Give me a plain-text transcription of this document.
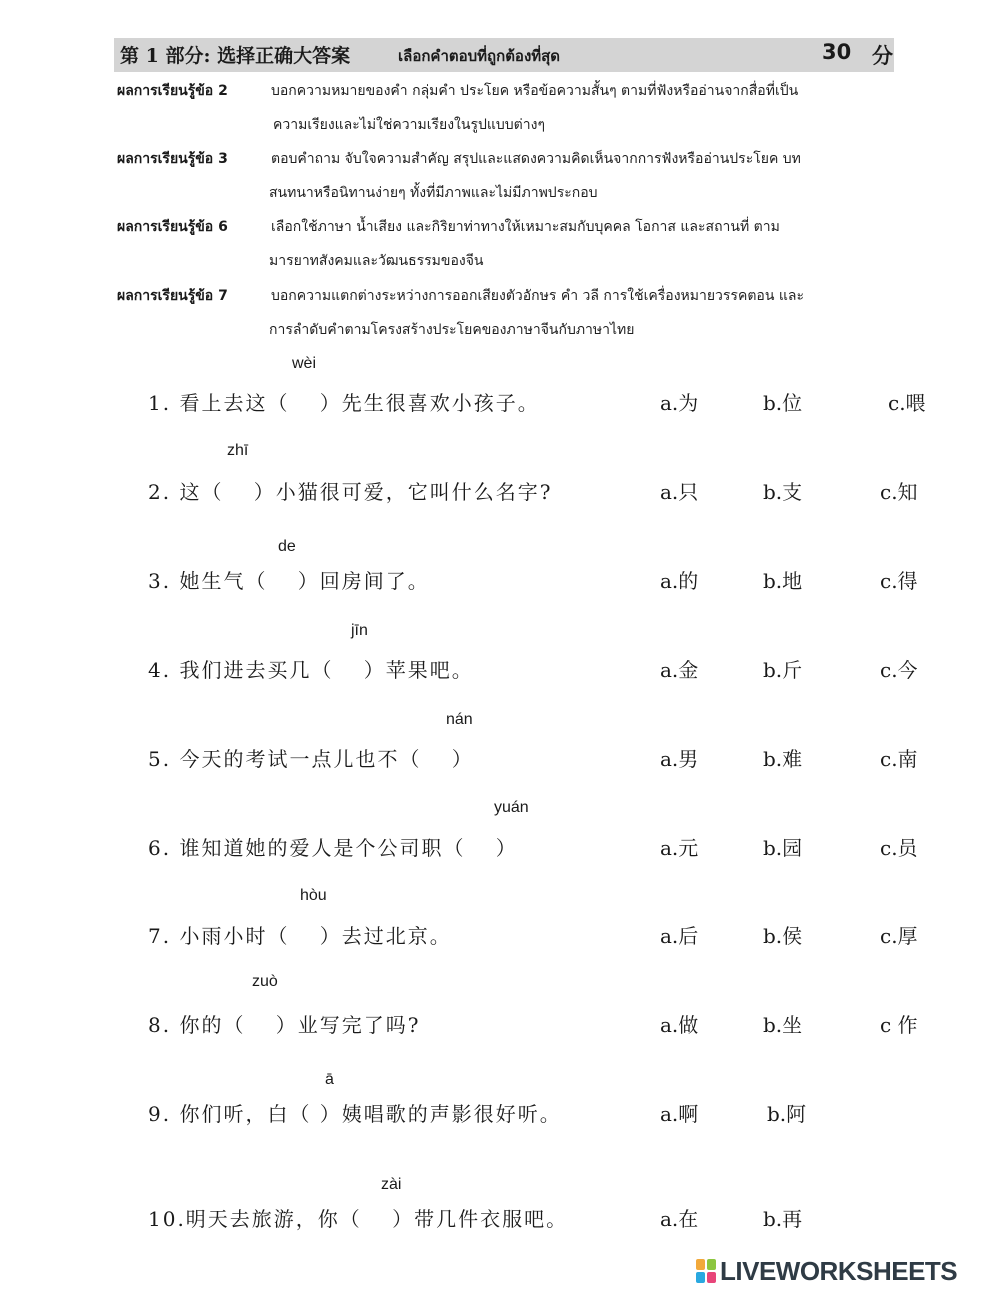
第 1 部分: 选择正确大答案	เลือกคำตอบที่ถูกต้องที่สุด	30 分
ผลการเรียนรู้ข้อ 2	บอกความหมายของคำ กลุ่มคำ ประโยค หรือข้อความสั้นๆ ตามที่ฟังหรืออ่านจากสื่อที่เป็น
ความเรียงและไม่ใช่ความเรียงในรูปแบบต่างๆ
ผลการเรียนรู้ข้อ 3	ตอบคำถาม จับใจความสำคัญ สรุปและแสดงความคิดเห็นจากการฟังหรืออ่านประโยค บท
สนทนาหรือนิทานง่ายๆ ทั้งที่มีภาพและไม่มีภาพประกอบ
ผลการเรียนรู้ข้อ 6	เลือกใช้ภาษา น้ำเสียง และกิริยาท่าทางให้เหมาะสมกับบุคคล โอกาส และสถานที่ ตาม
มารยาทสังคมและวัฒนธรรมของจีน
ผลการเรียนรู้ข้อ 7	บอกความแตกต่างระหว่างการออกเสียงตัวอักษร คำ วลี การใช้เครื่องหมายวรรคตอน และ
การลำดับคำตามโครงสร้างประโยคของภาษาจีนกับภาษาไทย
wèi
1. 看上去这（　 ）先生很喜欢小孩子。	a.为	b.位	c.喂
zhī
2. 这（　 ）小猫很可爱，它叫什么名字?	a.只	b.支	c.知
de
3. 她生气（　 ）回房间了。	a.的	b.地	c.得
jīn
4. 我们进去买几（　 ）苹果吧。	a.金	b.斤	c.今
nán
5. 今天的考试一点儿也不（　 ）	a.男	b.难	c.南
yuán
6. 谁知道她的爱人是个公司职（　 ）	a.元	b.园	c.员
hòu
7. 小雨小时（　 ）去过北京。	a.后	b.侯	c.厚
zuò
8. 你的（　 ）业写完了吗?	a.做	b.坐	c 作
ā
9. 你们听，白（ ）姨唱歌的声影很好听。	a.啊	b.阿
zài
10.明天去旅游，你（　 ）带几件衣服吧。	a.在	b.再
LIVEWORKSHEETS
